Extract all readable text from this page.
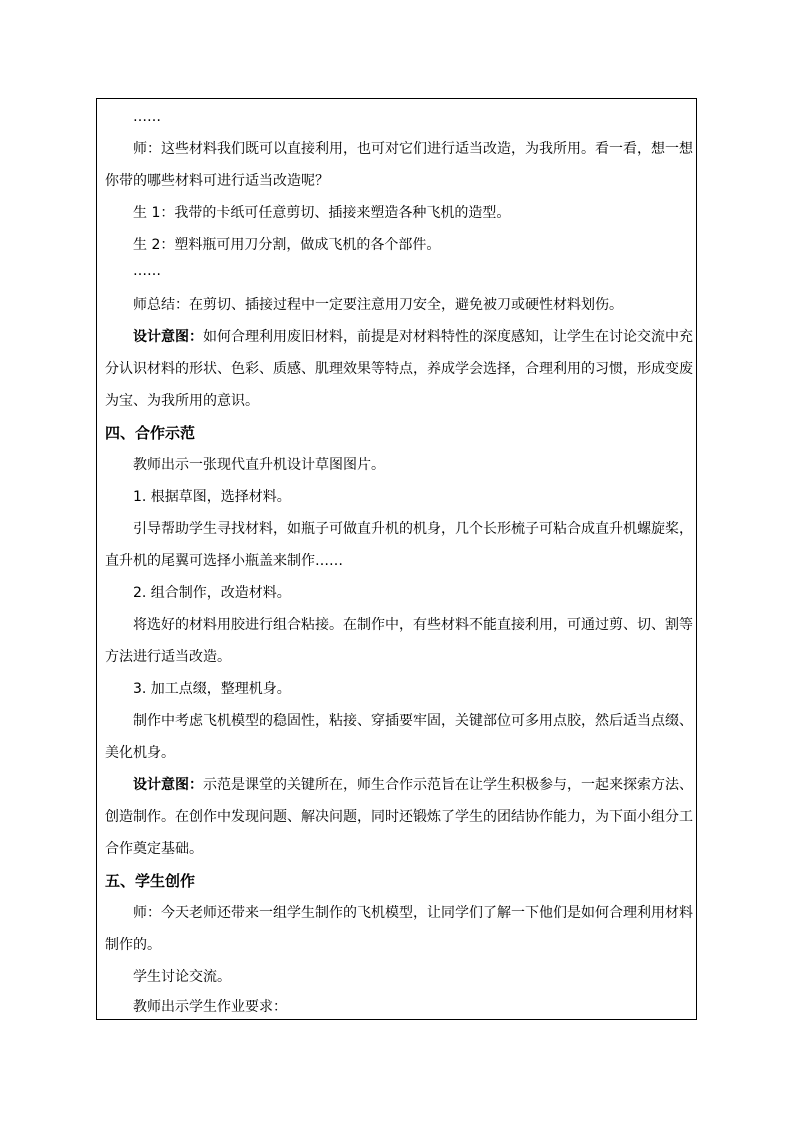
……
师：这些材料我们既可以直接利用，也可对它们进行适当改造，为我所用。看一看，想一想
你带的哪些材料可进行适当改造呢？
生 1：我带的卡纸可任意剪切、插接来塑造各种飞机的造型。
生 2：塑料瓶可用刀分割，做成飞机的各个部件。
……
师总结：在剪切、插接过程中一定要注意用刀安全，避免被刀或硬性材料划伤。
设计意图：如何合理利用废旧材料，前提是对材料特性的深度感知，让学生在讨论交流中充
分认识材料的形状、色彩、质感、肌理效果等特点，养成学会选择，合理利用的习惯，形成变废
为宝、为我所用的意识。
四、合作示范
教师出示一张现代直升机设计草图图片。
1. 根据草图，选择材料。
引导帮助学生寻找材料，如瓶子可做直升机的机身，几个长形梳子可粘合成直升机螺旋桨，
直升机的尾翼可选择小瓶盖来制作……
2. 组合制作，改造材料。
将选好的材料用胶进行组合粘接。在制作中，有些材料不能直接利用，可通过剪、切、割等
方法进行适当改造。
3. 加工点缀，整理机身。
制作中考虑飞机模型的稳固性，粘接、穿插要牢固，关键部位可多用点胶，然后适当点缀、
美化机身。
设计意图：示范是课堂的关键所在，师生合作示范旨在让学生积极参与，一起来探索方法、
创造制作。在创作中发现问题、解决问题，同时还锻炼了学生的团结协作能力，为下面小组分工
合作奠定基础。
五、学生创作
师：今天老师还带来一组学生制作的飞机模型，让同学们了解一下他们是如何合理利用材料
制作的。
学生讨论交流。
教师出示学生作业要求：
